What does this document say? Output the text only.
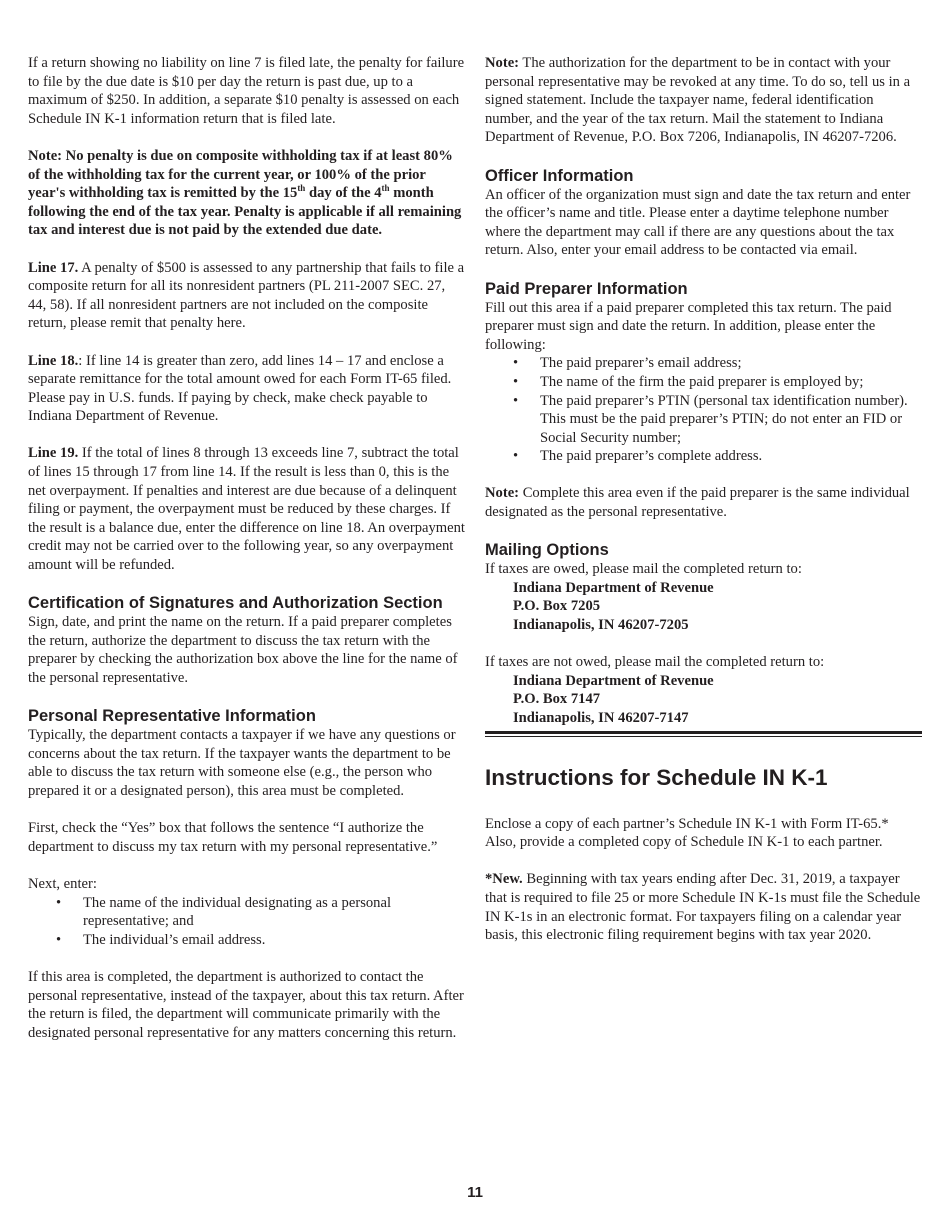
If a return showing no liability on line 7 is filed late, the penalty for failure to file by the due date is $10 per day the return is past due, up to a maximum of $250. In addition, a separate $10 penalty is assessed on each Schedule IN K-1 information return that is filed late.

Note: No penalty is due on composite withholding tax if at least 80% of the withholding tax for the current year, or 100% of the prior year's withholding tax is remitted by the 15th day of the 4th month following the end of the tax year. Penalty is applicable if all remaining tax and interest due is not paid by the extended due date.

Line 17. A penalty of $500 is assessed to any partnership that fails to file a composite return for all its nonresident partners (PL 211-2007 SEC. 27, 44, 58). If all nonresident partners are not included on the composite return, please remit that penalty here.

Line 18.: If line 14 is greater than zero, add lines 14 – 17 and enclose a separate remittance for the total amount owed for each Form IT-65 filed. Please pay in U.S. funds. If paying by check, make check payable to Indiana Department of Revenue.

Line 19. If the total of lines 8 through 13 exceeds line 7, subtract the total of lines 15 through 17 from line 14. If the result is less than 0, this is the net overpayment. If penalties and interest are due because of a delinquent filing or payment, the overpayment must be reduced by these charges. If the result is a balance due, enter the difference on line 18. An overpayment credit may not be carried over to the following year, so any overpayment amount will be refunded.

Certification of Signatures and Authorization Section

Sign, date, and print the name on the return. If a paid preparer completes the return, authorize the department to discuss the tax return with the preparer by checking the authorization box above the line for the name of the personal representative.

Personal Representative Information

Typically, the department contacts a taxpayer if we have any questions or concerns about the tax return. If the taxpayer wants the department to be able to discuss the tax return with someone else (e.g., the person who prepared it or a designated person), this area must be completed.

First, check the “Yes” box that follows the sentence “I authorize the department to discuss my tax return with my personal representative.”

Next, enter:
• The name of the individual designating as a personal representative; and
• The individual’s email address.

If this area is completed, the department is authorized to contact the personal representative, instead of the taxpayer, about this tax return. After the return is filed, the department will communicate primarily with the designated personal representative for any matters concerning this return.

Note: The authorization for the department to be in contact with your personal representative may be revoked at any time. To do so, tell us in a signed statement. Include the taxpayer name, federal identification number, and the year of the tax return. Mail the statement to Indiana Department of Revenue, P.O. Box 7206, Indianapolis, IN 46207-7206.

Officer Information

An officer of the organization must sign and date the tax return and enter the officer’s name and title. Please enter a daytime telephone number where the department may call if there are any questions about the tax return. Also, enter your email address to be contacted via email.

Paid Preparer Information
Fill out this area if a paid preparer completed this tax return. The paid preparer must sign and date the return. In addition, please enter the following:
• The paid preparer’s email address;
• The name of the firm the paid preparer is employed by;
• The paid preparer’s PTIN (personal tax identification number). This must be the paid preparer’s PTIN; do not enter an FID or Social Security number;
• The paid preparer’s complete address.

Note: Complete this area even if the paid preparer is the same individual designated as the personal representative.

Mailing Options
If taxes are owed, please mail the completed return to:
Indiana Department of Revenue
P.O. Box 7205
Indianapolis, IN 46207-7205
If taxes are not owed, please mail the completed return to:
Indiana Department of Revenue
P.O. Box 7147
Indianapolis, IN 46207-7147
Instructions for Schedule IN K-1

Enclose a copy of each partner’s Schedule IN K-1 with Form IT-65.* Also, provide a completed copy of Schedule IN K-1 to each partner.

*New. Beginning with tax years ending after Dec. 31, 2019, a taxpayer that is required to file 25 or more Schedule IN K-1s must file the Schedule IN K-1s in an electronic format. For taxpayers filing on a calendar year basis, this electronic filing requirement begins with tax year 2020.

11
